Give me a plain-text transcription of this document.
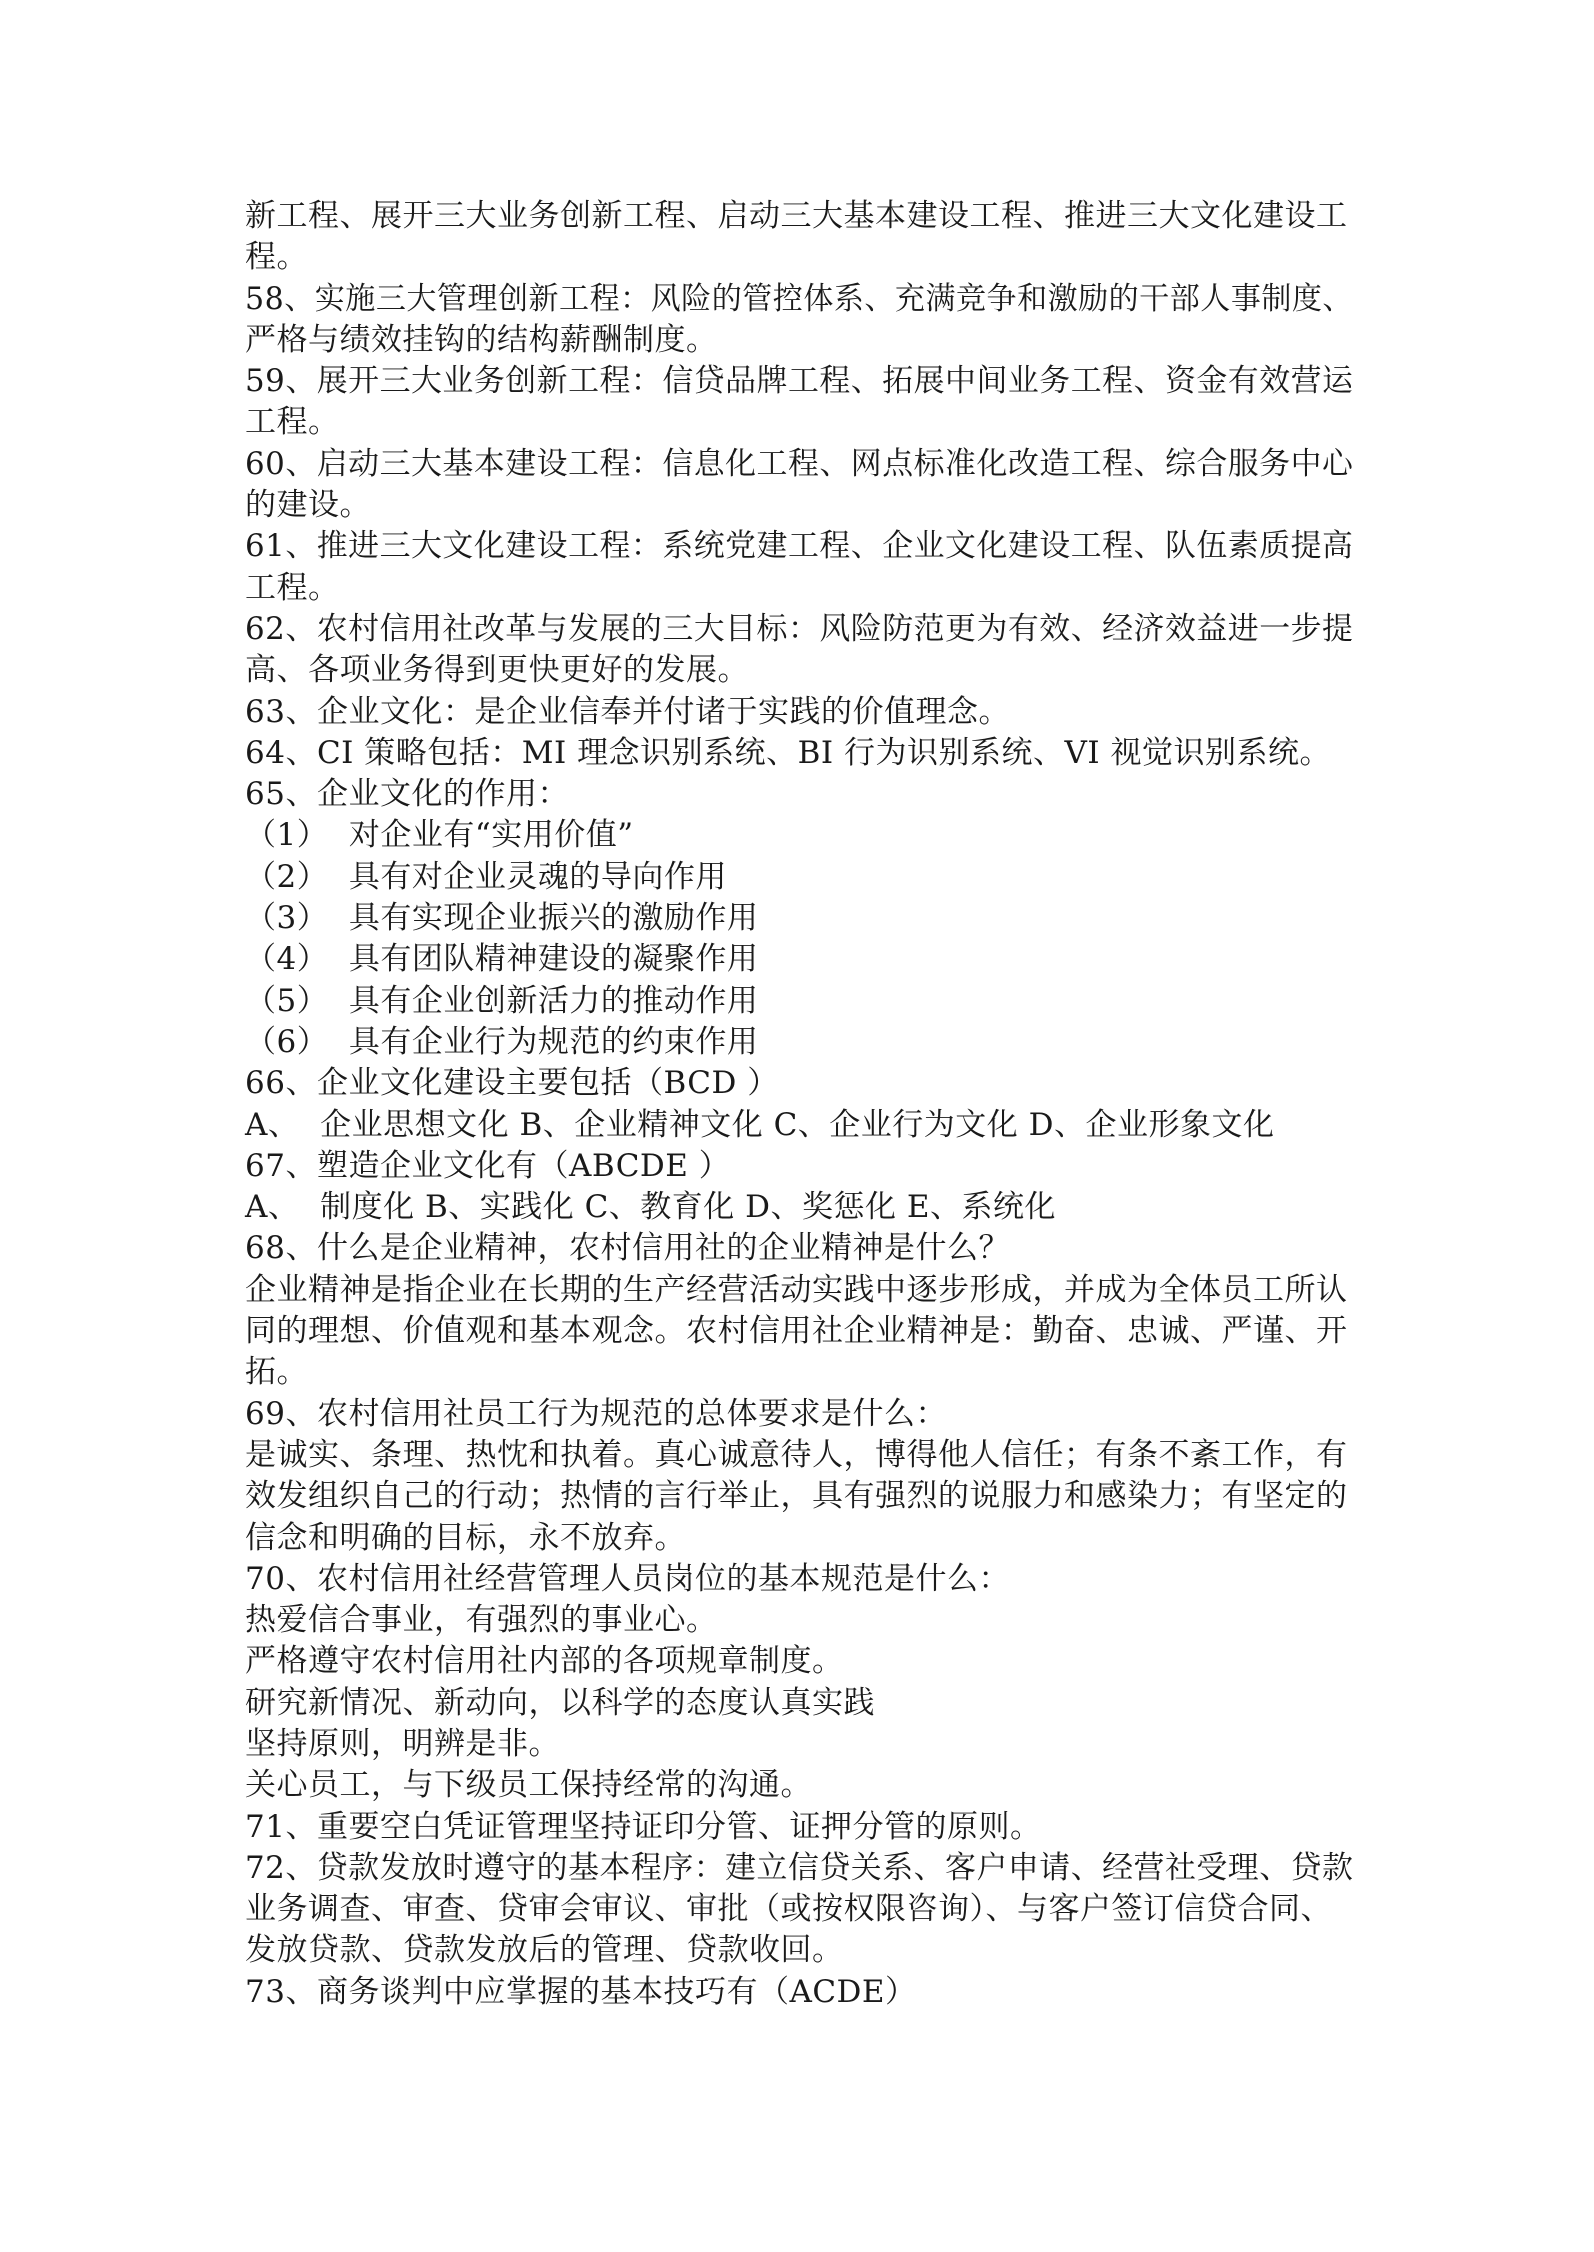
新工程、展开三大业务创新工程、启动三大基本建设工程、推进三大文化建设工
程。
58、实施三大管理创新工程：风险的管控体系、充满竞争和激励的干部人事制度、
严格与绩效挂钩的结构薪酬制度。
59、展开三大业务创新工程：信贷品牌工程、拓展中间业务工程、资金有效营运
工程。
60、启动三大基本建设工程：信息化工程、网点标准化改造工程、综合服务中心
的建设。
61、推进三大文化建设工程：系统党建工程、企业文化建设工程、队伍素质提高
工程。
62、农村信用社改革与发展的三大目标：风险防范更为有效、经济效益进一步提
高、各项业务得到更快更好的发展。
63、企业文化：是企业信奉并付诸于实践的价值理念。
64、CI 策略包括：MI 理念识别系统、BI 行为识别系统、VI 视觉识别系统。
65、企业文化的作用：
（1）  对企业有“实用价值”
（2）  具有对企业灵魂的导向作用
（3）  具有实现企业振兴的激励作用
（4）  具有团队精神建设的凝聚作用
（5）  具有企业创新活力的推动作用
（6）  具有企业行为规范的约束作用
66、企业文化建设主要包括（BCD ）
A、  企业思想文化 B、企业精神文化 C、企业行为文化 D、企业形象文化
67、塑造企业文化有（ABCDE ）
A、  制度化 B、实践化 C、教育化 D、奖惩化 E、系统化
68、什么是企业精神，农村信用社的企业精神是什么？
企业精神是指企业在长期的生产经营活动实践中逐步形成，并成为全体员工所认
同的理想、价值观和基本观念。农村信用社企业精神是：勤奋、忠诚、严谨、开
拓。
69、农村信用社员工行为规范的总体要求是什么：
是诚实、条理、热忱和执着。真心诚意待人，博得他人信任；有条不紊工作，有
效发组织自己的行动；热情的言行举止，具有强烈的说服力和感染力；有坚定的
信念和明确的目标，永不放弃。
70、农村信用社经营管理人员岗位的基本规范是什么：
热爱信合事业，有强烈的事业心。
严格遵守农村信用社内部的各项规章制度。
研究新情况、新动向，以科学的态度认真实践
坚持原则，明辨是非。
关心员工，与下级员工保持经常的沟通。
71、重要空白凭证管理坚持证印分管、证押分管的原则。
72、贷款发放时遵守的基本程序：建立信贷关系、客户申请、经营社受理、贷款
业务调查、审查、贷审会审议、审批（或按权限咨询）、与客户签订信贷合同、
发放贷款、贷款发放后的管理、贷款收回。
73、商务谈判中应掌握的基本技巧有（ACDE）
